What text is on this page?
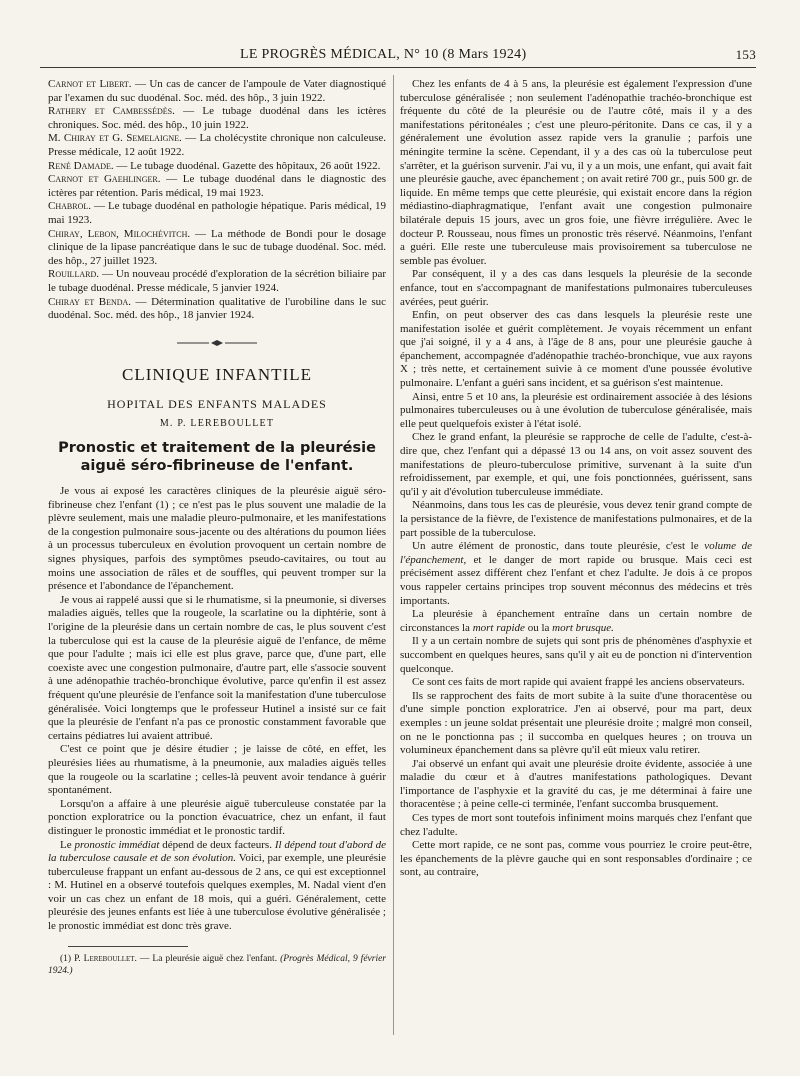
LE PROGRÈS MÉDICAL, N° 10 (8 Mars 1924)	153

Carnot et Libert. — Un cas de cancer de l'ampoule de Vater diagnostiqué par l'examen du suc duodénal. Soc. méd. des hôp., 3 juin 1922.

Rathery et Cambessédès. — Le tubage duodénal dans les ictères chroniques. Soc. méd. des hôp., 10 juin 1922.

M. Chiray et G. Semelaigne. — La cholécystite chronique non calculeuse. Presse médicale, 12 août 1922.

René Damade. — Le tubage duodénal. Gazette des hôpitaux, 26 août 1922.

Carnot et Gaehlinger. — Le tubage duodénal dans le diagnostic des ictères par rétention. Paris médical, 19 mai 1923.

Chabrol. — Le tubage duodénal en pathologie hépatique. Paris médical, 19 mai 1923.

Chiray, Lebon, Milochévitch. — La méthode de Bondi pour le dosage clinique de la lipase pancréatique dans le suc de tubage duodénal. Soc. méd. des hôp., 27 juillet 1923.

Rouillard. — Un nouveau procédé d'exploration de la sécrétion biliaire par le tubage duodénal. Presse médicale, 5 janvier 1924.

Chiray et Benda. — Détermination qualitative de l'urobiline dans le suc duodénal. Soc. méd. des hôp., 18 janvier 1924.

CLINIQUE INFANTILE
HOPITAL DES ENFANTS MALADES
M. P. LEREBOULLET
Pronostic et traitement de la pleurésie
aiguë séro-fibrineuse de l'enfant.

Je vous ai exposé les caractères cliniques de la pleurésie aiguë séro-fibrineuse chez l'enfant (1) ; ce n'est pas le plus souvent une maladie de la plèvre seulement, mais une maladie pleuro-pulmonaire, et les manifestations de la congestion pulmonaire sous-jacente ou des altérations du poumon liées à un processus tuberculeux en évolution provoquent un certain nombre de signes physiques, parfois des symptômes pseudo-cavitaires, ou tout au moins une association de râles et de souffles, qui peuvent tromper sur la présence et l'abondance de l'épanchement.

Je vous ai rappelé aussi que si le rhumatisme, si la pneumonie, si diverses maladies aiguës, telles que la rougeole, la scarlatine ou la diphtérie, sont à l'origine de la pleurésie dans un certain nombre de cas, le plus souvent c'est la tuberculose qui est la cause de la pleurésie aiguë de l'enfance, de même que pour l'adulte ; mais ici elle est plus grave, parce que, d'une part, elle coexiste avec une congestion pulmonaire, d'autre part, elle s'associe souvent à une adénopathie trachéo-bronchique évolutive, parce qu'enfin il est assez fréquent qu'une pleurésie de l'enfance soit la manifestation d'une tuberculose généralisée. Voici longtemps que le professeur Hutinel a insisté sur ce fait que la pleurésie de l'enfant n'a pas ce pronostic constamment favorable que certains pédiatres lui avaient attribué.

C'est ce point que je désire étudier ; je laisse de côté, en effet, les pleurésies liées au rhumatisme, à la pneumonie, aux maladies aiguës telles que la rougeole ou la scarlatine ; celles-là peuvent avoir tendance à guérir spontanément.

Lorsqu'on a affaire à une pleurésie aiguë tuberculeuse constatée par la ponction exploratrice ou la ponction évacuatrice, chez un enfant, il faut distinguer le pronostic immédiat et le pronostic tardif.

Le pronostic immédiat dépend de deux facteurs. Il dépend tout d'abord de la tuberculose causale et de son évolution. Voici, par exemple, une pleurésie tuberculeuse frappant un enfant au-dessous de 2 ans, ce qui est exceptionnel : M. Hutinel en a observé toutefois quelques exemples, M. Nadal vient d'en voir un cas chez un enfant de 18 mois, qui a guéri. Généralement, cette pleurésie des jeunes enfants est liée à une tuberculose évolutive généralisée ; le pronostic immédiat est donc très grave.

(1) P. Lereboullet. — La pleurésie aiguë chez l'enfant. (Progrès Médical, 9 février 1924.)

Chez les enfants de 4 à 5 ans, la pleurésie est également l'expression d'une tuberculose généralisée ; non seulement l'adénopathie trachéo-bronchique est fréquente du côté de la pleurésie ou de l'autre côté, mais il y a des manifestations péritonéales ; c'est une pleuro-péritonite. Dans ce cas, il y a généralement une évolution assez rapide vers la granulie ; parfois une méningite termine la scène. Cependant, il y a des cas où la tuberculose peut s'arrêter, et la guérison survenir. J'ai vu, il y a un mois, une enfant, qui avait fait une pleurésie gauche, avec épanchement ; on avait retiré 700 gr., puis 500 gr. de liquide. En même temps que cette pleurésie, qui existait encore dans la région médiastino-diaphragmatique, l'enfant avait une congestion pulmonaire bilatérale depuis 15 jours, avec un gros foie, une fièvre irrégulière. Avec le docteur P. Rousseau, nous fîmes un pronostic très réservé. Néanmoins, l'enfant a guéri. Elle reste une tuberculeuse mais provisoirement sa tuberculose ne semble pas évoluer.

Par conséquent, il y a des cas dans lesquels la pleurésie de la seconde enfance, tout en s'accompagnant de manifestations pulmonaires tuberculeuses avérées, peut guérir.

Enfin, on peut observer des cas dans lesquels la pleurésie reste une manifestation isolée et guérit complètement. Je voyais récemment un enfant que j'ai soigné, il y a 4 ans, à l'âge de 8 ans, pour une pleurésie gauche à épanchement, accompagnée d'adénopathie trachéo-bronchique, vue aux rayons X ; très nette, et certainement suivie à ce moment d'une poussée évolutive pulmonaire. L'enfant a guéri sans incident, et sa guérison s'est maintenue.

Ainsi, entre 5 et 10 ans, la pleurésie est ordinairement associée à des lésions pulmonaires tuberculeuses ou à une évolution de tuberculose généralisée, mais elle peut quelquefois exister à l'état isolé.

Chez le grand enfant, la pleurésie se rapproche de celle de l'adulte, c'est-à-dire que, chez l'enfant qui a dépassé 13 ou 14 ans, on voit assez souvent des manifestations de pleuro-tuberculose primitive, survenant à la suite d'un refroidissement, par exemple, et qui, une fois ponctionnées, guérissent, sans qu'il y ait d'évolution tuberculeuse immédiate.

Néanmoins, dans tous les cas de pleurésie, vous devez tenir grand compte de la persistance de la fièvre, de l'existence de manifestations pulmonaires, et de la part possible de la tuberculose.

Un autre élément de pronostic, dans toute pleurésie, c'est le volume de l'épanchement, et le danger de mort rapide ou brusque. Mais ceci est précisément assez différent chez l'enfant et chez l'adulte. Je dois à ce propos vous rappeler certains principes trop souvent méconnus des médecins et très importants.

La pleurésie à épanchement entraîne dans un certain nombre de circonstances la mort rapide ou la mort brusque.

Il y a un certain nombre de sujets qui sont pris de phénomènes d'asphyxie et succombent en quelques heures, sans qu'il y ait eu de ponction ni d'intervention quelconque.

Ce sont ces faits de mort rapide qui avaient frappé les anciens observateurs.

Ils se rapprochent des faits de mort subite à la suite d'une thoracentèse ou d'une simple ponction exploratrice. J'en ai observé, pour ma part, deux exemples : un jeune soldat présentait une pleurésie droite ; malgré mon conseil, on ne le ponctionna pas ; il succomba en quelques heures ; on trouva un volumineux épanchement dans sa plèvre qu'il eût mieux valu retirer.

J'ai observé un enfant qui avait une pleurésie droite évidente, associée à une maladie du cœur et à d'autres manifestations pathologiques. Devant l'importance de l'asphyxie et la gravité du cas, je me déterminai à faire une thoracentèse ; à peine celle-ci terminée, l'enfant succomba brusquement.

Ces types de mort sont toutefois infiniment moins marqués chez l'enfant que chez l'adulte.

Cette mort rapide, ce ne sont pas, comme vous pourriez le croire peut-être, les épanchements de la plèvre gauche qui en sont responsables d'ordinaire ; ce sont, au contraire,
